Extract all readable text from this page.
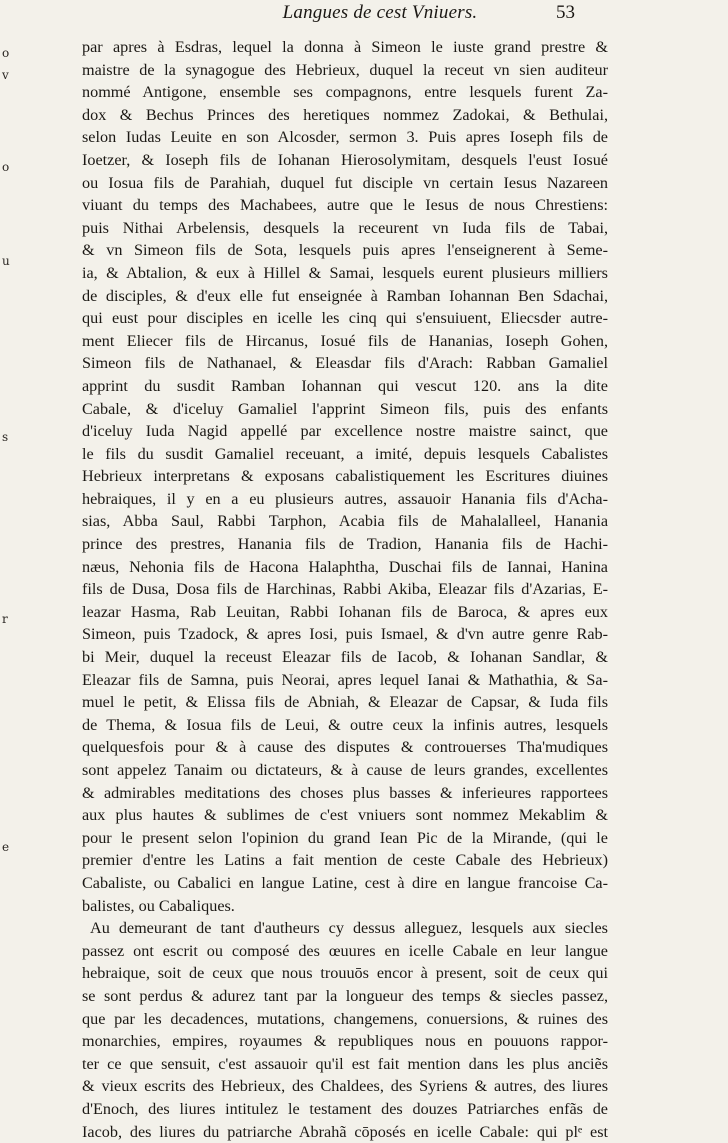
Langues de cest Vniuers.	53
o
v
o
u
s
r
e
par apres à Esdras, lequel la donna à Simeon le iuste grand prestre &
maistre de la synagogue des Hebrieux, duquel la receut vn sien auditeur
nommé Antigone, ensemble ses compagnons, entre lesquels furent Za-
dox & Bechus Princes des heretiques nommez Zadokai, & Bethulai,
selon Iudas Leuite en son Alcosder, sermon 3. Puis apres Ioseph fils de
Ioetzer, & Ioseph fils de Iohanan Hierosolymitam, desquels l'eust Iosué
ou Iosua fils de Parahiah, duquel fut disciple vn certain Iesus Nazareen
viuant du temps des Machabees, autre que le Iesus de nous Chrestiens:
puis Nithai Arbelensis, desquels la receurent vn Iuda fils de Tabai,
& vn Simeon fils de Sota, lesquels puis apres l'enseignerent à Seme-
ia, & Abtalion, & eux à Hillel & Samai, lesquels eurent plusieurs milliers
de disciples, & d'eux elle fut enseignée à Ramban Iohannan Ben Sdachai,
qui eust pour disciples en icelle les cinq qui s'ensuiuent, Eliecsder autre-
ment Eliecer fils de Hircanus, Iosué fils de Hananias, Ioseph Gohen,
Simeon fils de Nathanael, & Eleasdar fils d'Arach: Rabban Gamaliel
apprint du susdit Ramban Iohannan qui vescut 120. ans la dite
Cabale, & d'iceluy Gamaliel l'apprint Simeon fils, puis des enfants
d'iceluy Iuda Nagid appellé par excellence nostre maistre sainct, que
le fils du susdit Gamaliel receuant, a imité, depuis lesquels Cabalistes
Hebrieux interpretans & exposans cabalistiquement les Escritures diuines
hebraiques, il y en a eu plusieurs autres, assauoir Hanania fils d'Acha-
sias, Abba Saul, Rabbi Tarphon, Acabia fils de Mahalalleel, Hanania
prince des prestres, Hanania fils de Tradion, Hanania fils de Hachi-
næus, Nehonia fils de Hacona Halaphtha, Duschai fils de Iannai, Hanina
fils de Dusa, Dosa fils de Harchinas, Rabbi Akiba, Eleazar fils d'Azarias, E-
leazar Hasma, Rab Leuitan, Rabbi Iohanan fils de Baroca, & apres eux
Simeon, puis Tzadock, & apres Iosi, puis Ismael, & d'vn autre genre Rab-
bi Meir, duquel la receust Eleazar fils de Iacob, & Iohanan Sandlar, &
Eleazar fils de Samna, puis Neorai, apres lequel Ianai & Mathathia, & Sa-
muel le petit, & Elissa fils de Abniah, & Eleazar de Capsar, & Iuda fils
de Thema, & Iosua fils de Leui, & outre ceux la infinis autres, lesquels
quelquesfois pour & à cause des disputes & controuerses Tha'mudiques
sont appelez Tanaim ou dictateurs, & à cause de leurs grandes, excellentes
& admirables meditations des choses plus basses & inferieures rapportees
aux plus hautes & sublimes de c'est vniuers sont nommez Mekablim &
pour le present selon l'opinion du grand Iean Pic de la Mirande, (qui le
premier d'entre les Latins a fait mention de ceste Cabale des Hebrieux)
Cabaliste, ou Cabalici en langue Latine, cest à dire en langue francoise Ca-
balistes, ou Cabaliques.
Au demeurant de tant d'autheurs cy dessus alleguez, lesquels aux siecles
passez ont escrit ou composé des œuures en icelle Cabale en leur langue
hebraique, soit de ceux que nous trouuōs encor à present, soit de ceux qui
se sont perdus & adurez tant par la longueur des temps & siecles passez,
que par les decadences, mutations, changemens, conuersions, & ruines des
monarchies, empires, royaumes & republiques nous en pouuons rappor-
ter ce que sensuit, c'est assauoir qu'il est fait mention dans les plus anciẽs
& vieux escrits des Hebrieux, des Chaldees, des Syriens & autres, des liures
d'Enoch, des liures intitulez le testament des douzes Patriarches enfãs de
Iacob, des liures du patriarche Abrahã cōposés en icelle Cabale: qui plᵉ est
